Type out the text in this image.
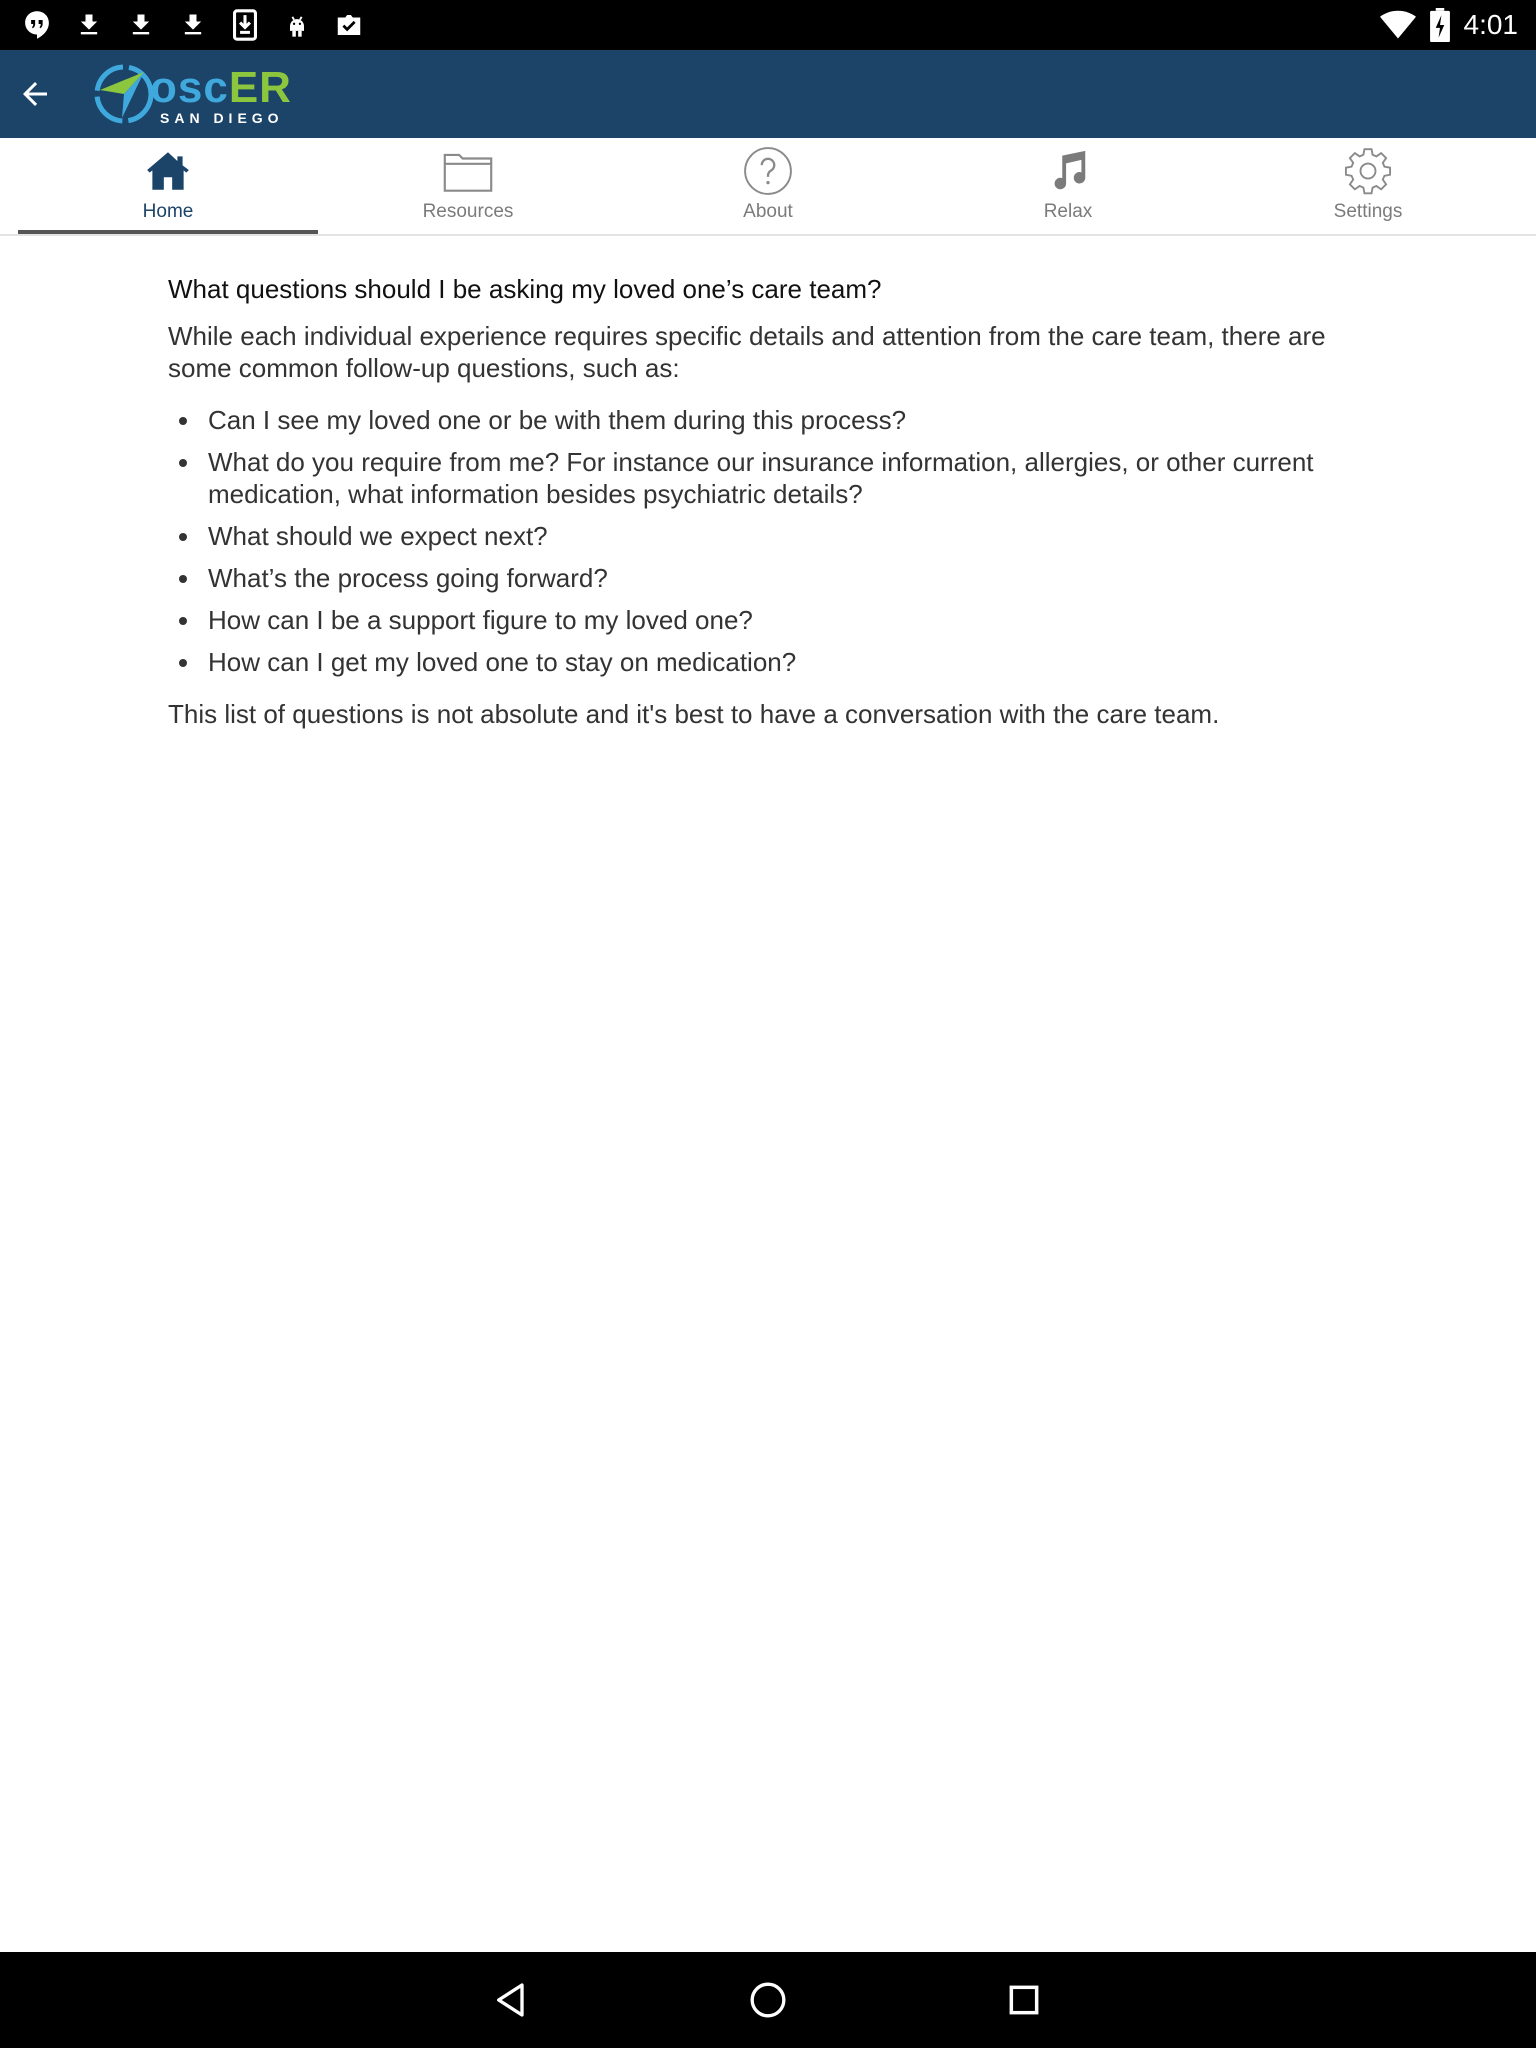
4:01
oscER
SAN DIEGO
Home	Resources	About	Relax	Settings
What questions should I be asking my loved one’s care team?

While each individual experience requires specific details and attention from the care team, there are some common follow-up questions, such as:

Can I see my loved one or be with them during this process?
What do you require from me? For instance our insurance information, allergies, or other current medication, what information besides psychiatric details?
What should we expect next?
What’s the process going forward?
How can I be a support figure to my loved one?
How can I get my loved one to stay on medication?

This list of questions is not absolute and it's best to have a conversation with the care team.
